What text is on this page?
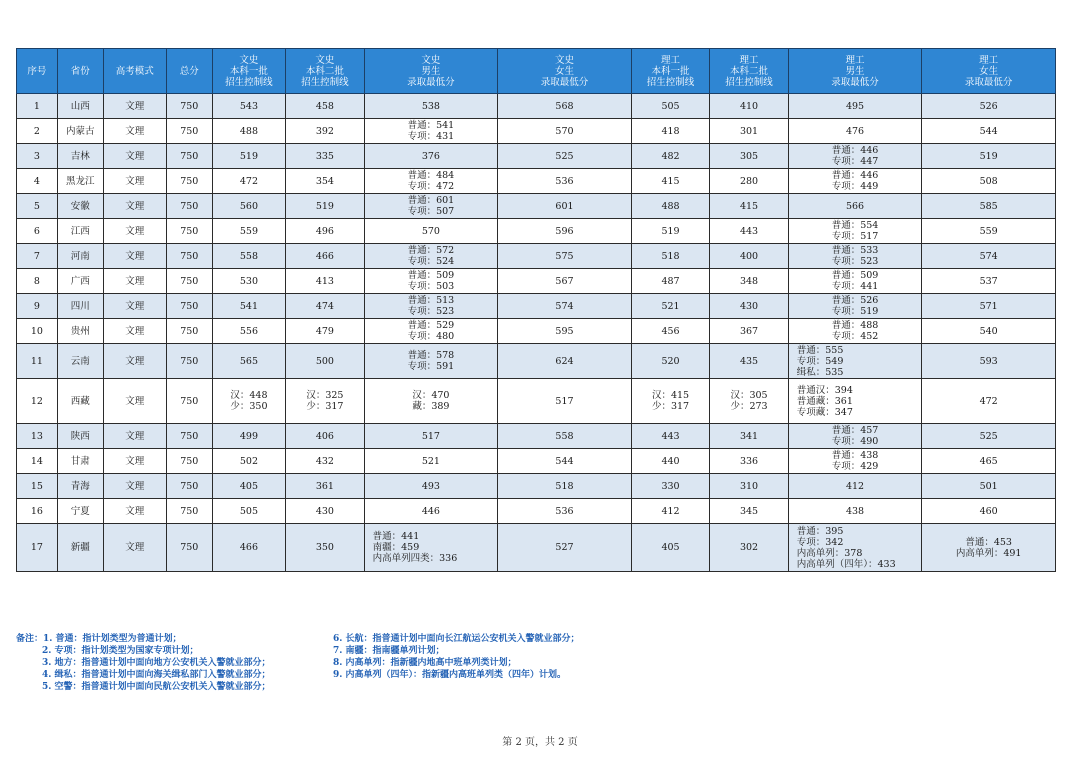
序号	省份	高考模式	总分	文史
本科一批
招生控制线	文史
本科二批
招生控制线	文史
男生
录取最低分	文史
女生
录取最低分	理工
本科一批
招生控制线	理工
本科二批
招生控制线	理工
男生
录取最低分	理工
女生
录取最低分

1	山西	文理	750	543	458	538	568	505	410	495	526

2	内蒙古	文理	750	488	392	普通：541
专项：431	570	418	301	476	544

3	吉林	文理	750	519	335	376	525	482	305	普通：446
专项：447	519

4	黑龙江	文理	750	472	354	普通：484
专项：472	536	415	280	普通：446
专项：449	508

5	安徽	文理	750	560	519	普通：601
专项：507	601	488	415	566	585

6	江西	文理	750	559	496	570	596	519	443	普通：554
专项：517	559

7	河南	文理	750	558	466	普通：572
专项：524	575	518	400	普通：533
专项：523	574

8	广西	文理	750	530	413	普通：509
专项：503	567	487	348	普通：509
专项：441	537

9	四川	文理	750	541	474	普通：513
专项：523	574	521	430	普通：526
专项：519	571

10	贵州	文理	750	556	479	普通：529
专项：480	595	456	367	普通：488
专项：452	540

11	云南	文理	750	565	500	普通：578
专项：591	624	520	435	普通：555
专项：549
缉私：535	593

12	西藏	文理	750	汉：448
少：350	汉：325
少：317	汉：470
藏：389	517	汉：415
少：317	汉：305
少：273	普通汉：394
普通藏：361
专项藏：347	472

13	陕西	文理	750	499	406	517	558	443	341	普通：457
专项：490	525

14	甘肃	文理	750	502	432	521	544	440	336	普通：438
专项：429	465

15	青海	文理	750	405	361	493	518	330	310	412	501

16	宁夏	文理	750	505	430	446	536	412	345	438	460

17	新疆	文理	750	466	350	普通：441
南疆：459
内高单列四类：336	527	405	302	普通：395
专项：342
内高单列：378
内高单列（四年）：433	普通：453
内高单列：491
备注：1. 普通：指计划类型为普通计划；
2. 专项：指计划类型为国家专项计划；
3. 地方：指普通计划中面向地方公安机关入警就业部分；
4. 缉私：指普通计划中面向海关缉私部门入警就业部分；
5. 空警：指普通计划中面向民航公安机关入警就业部分；
6. 长航：指普通计划中面向长江航运公安机关入警就业部分；
7. 南疆：指南疆单列计划；
8. 内高单列：指新疆内地高中班单列类计划；
9. 内高单列（四年）：指新疆内高班单列类（四年）计划。
第 2 页，共 2 页
